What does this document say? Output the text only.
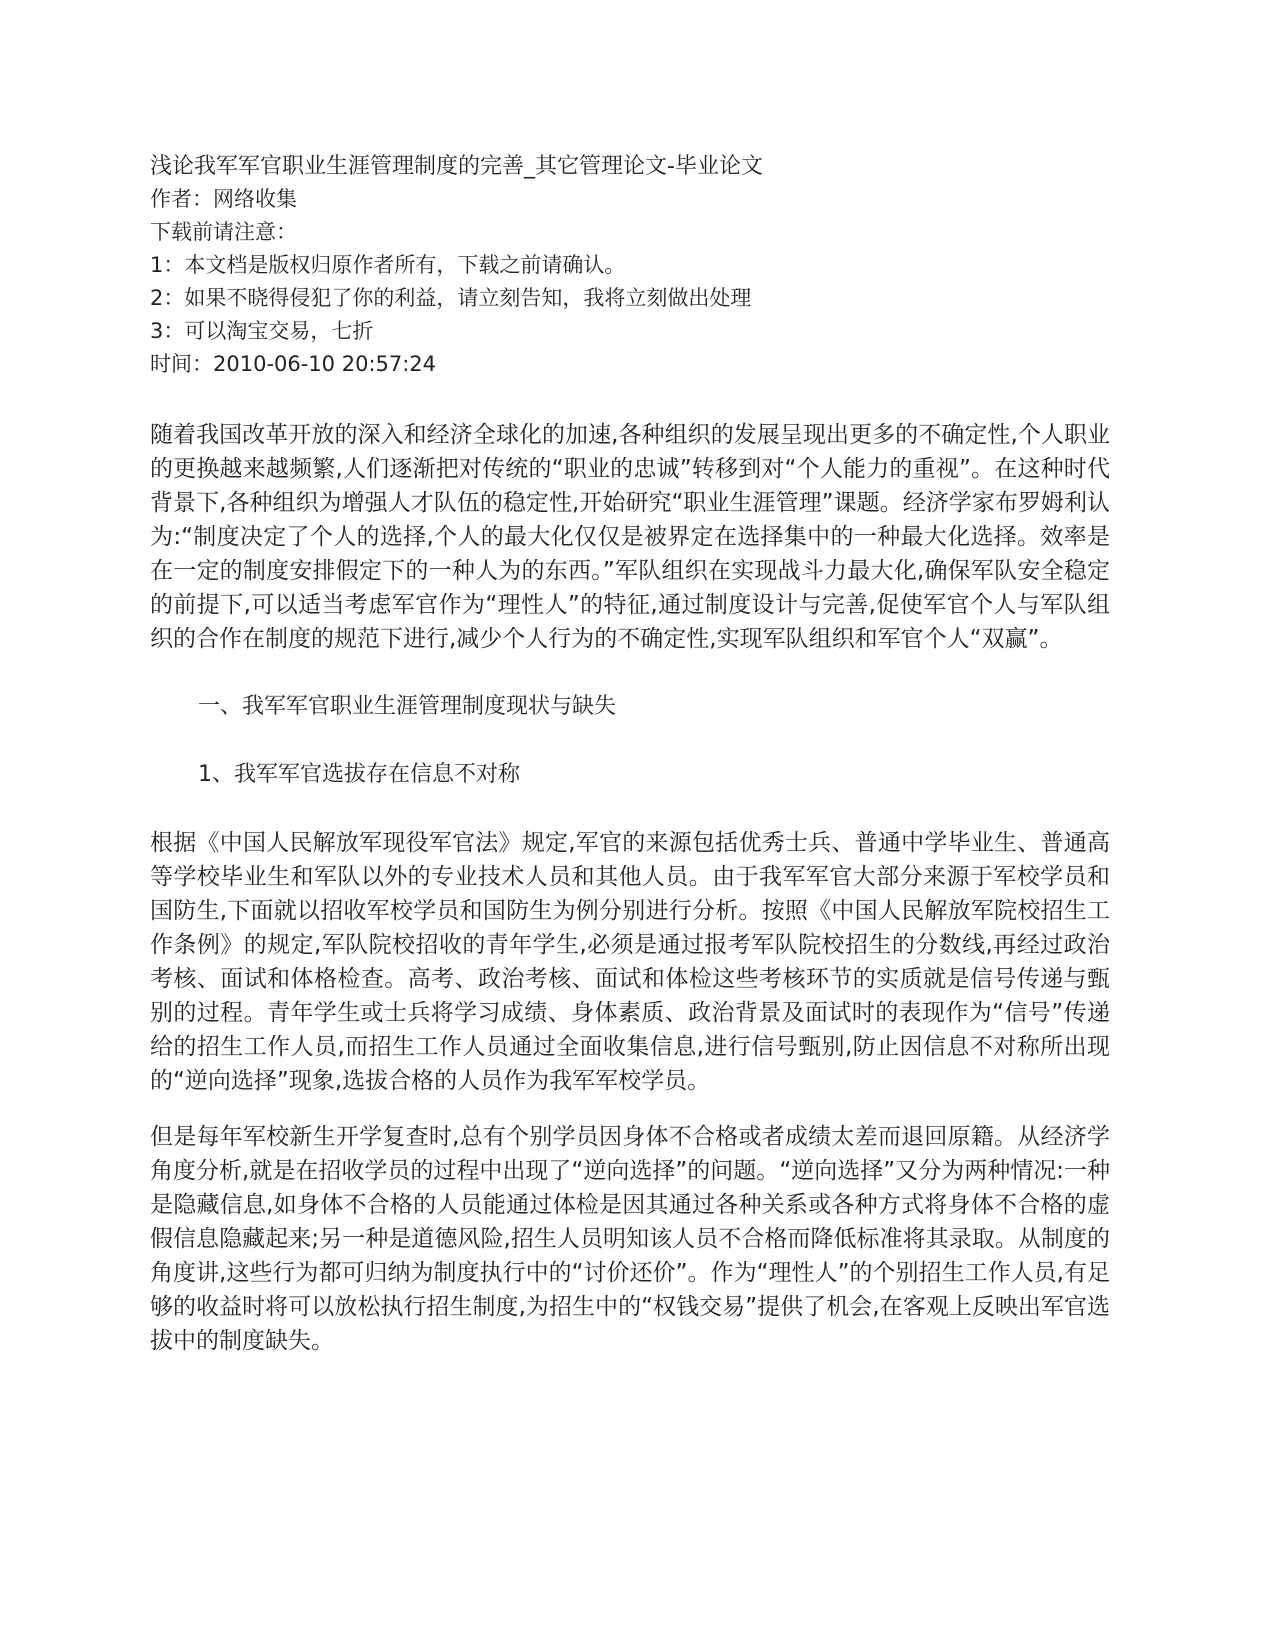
浅论我军军官职业生涯管理制度的完善_其它管理论文-毕业论文

作者：网络收集

下载前请注意：

1：本文档是版权归原作者所有，下载之前请确认。

2：如果不晓得侵犯了你的利益，请立刻告知，我将立刻做出处理

3：可以淘宝交易，七折

时间：2010-06-10 20:57:24

随着我国改革开放的深入和经济全球化的加速,各种组织的发展呈现出更多的不确定性,个人职业的更换越来越频繁,人们逐渐把对传统的“职业的忠诚”转移到对“个人能力的重视”。在这种时代背景下,各种组织为增强人才队伍的稳定性,开始研究“职业生涯管理”课题。经济学家布罗姆利认为:“制度决定了个人的选择,个人的最大化仅仅是被界定在选择集中的一种最大化选择。效率是在一定的制度安排假定下的一种人为的东西。”军队组织在实现战斗力最大化,确保军队安全稳定的前提下,可以适当考虑军官作为“理性人”的特征,通过制度设计与完善,促使军官个人与军队组织的合作在制度的规范下进行,减少个人行为的不确定性,实现军队组织和军官个人“双赢”。

一、我军军官职业生涯管理制度现状与缺失

1、我军军官选拔存在信息不对称

根据《中国人民解放军现役军官法》规定,军官的来源包括优秀士兵、普通中学毕业生、普通高等学校毕业生和军队以外的专业技术人员和其他人员。由于我军军官大部分来源于军校学员和国防生,下面就以招收军校学员和国防生为例分别进行分析。按照《中国人民解放军院校招生工作条例》的规定,军队院校招收的青年学生,必须是通过报考军队院校招生的分数线,再经过政治考核、面试和体格检查。高考、政治考核、面试和体检这些考核环节的实质就是信号传递与甄别的过程。青年学生或士兵将学习成绩、身体素质、政治背景及面试时的表现作为“信号”传递给的招生工作人员,而招生工作人员通过全面收集信息,进行信号甄别,防止因信息不对称所出现的“逆向选择”现象,选拔合格的人员作为我军军校学员。

但是每年军校新生开学复查时,总有个别学员因身体不合格或者成绩太差而退回原籍。从经济学角度分析,就是在招收学员的过程中出现了“逆向选择”的问题。“逆向选择”又分为两种情况:一种是隐藏信息,如身体不合格的人员能通过体检是因其通过各种关系或各种方式将身体不合格的虚假信息隐藏起来;另一种是道德风险,招生人员明知该人员不合格而降低标准将其录取。从制度的角度讲,这些行为都可归纳为制度执行中的“讨价还价”。作为“理性人”的个别招生工作人员,有足够的收益时将可以放松执行招生制度,为招生中的“权钱交易”提供了机会,在客观上反映出军官选拔中的制度缺失。
